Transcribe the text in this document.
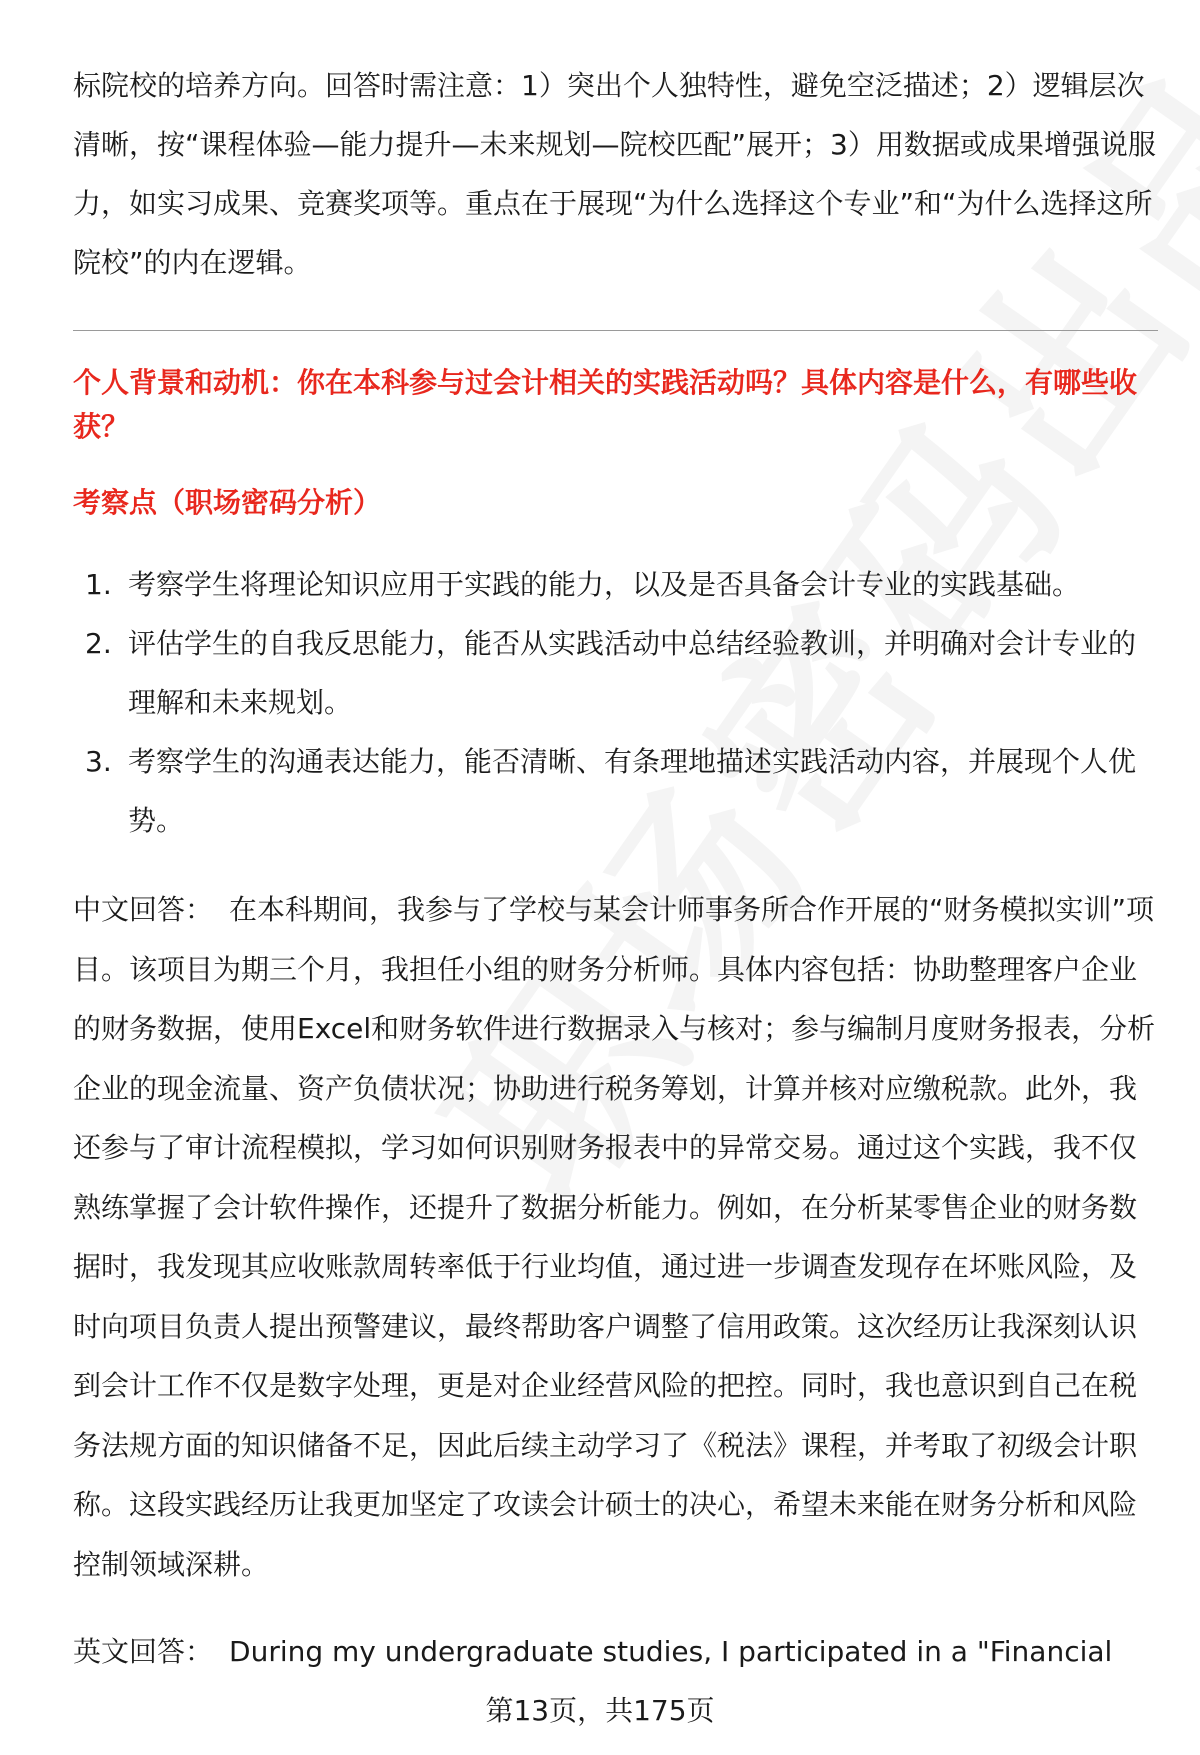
标院校的培养方向。回答时需注意：1）突出个人独特性，避免空泛描述；2）逻辑层次清晰，按“课程体验—能力提升—未来规划—院校匹配”展开；3）用数据或成果增强说服力，如实习成果、竞赛奖项等。重点在于展现“为什么选择这个专业”和“为什么选择这所院校”的内在逻辑。

个人背景和动机：你在本科参与过会计相关的实践活动吗？具体内容是什么，有哪些收获？

考察点（职场密码分析）

1. 考察学生将理论知识应用于实践的能力，以及是否具备会计专业的实践基础。
2. 评估学生的自我反思能力，能否从实践活动中总结经验教训，并明确对会计专业的理解和未来规划。
3. 考察学生的沟通表达能力，能否清晰、有条理地描述实践活动内容，并展现个人优势。

中文回答： 在本科期间，我参与了学校与某会计师事务所合作开展的“财务模拟实训”项目。该项目为期三个月，我担任小组的财务分析师。具体内容包括：协助整理客户企业的财务数据，使用Excel和财务软件进行数据录入与核对；参与编制月度财务报表，分析企业的现金流量、资产负债状况；协助进行税务筹划，计算并核对应缴税款。此外，我还参与了审计流程模拟，学习如何识别财务报表中的异常交易。通过这个实践，我不仅熟练掌握了会计软件操作，还提升了数据分析能力。例如，在分析某零售企业的财务数据时，我发现其应收账款周转率低于行业均值，通过进一步调查发现存在坏账风险，及时向项目负责人提出预警建议，最终帮助客户调整了信用政策。这次经历让我深刻认识到会计工作不仅是数字处理，更是对企业经营风险的把控。同时，我也意识到自己在税务法规方面的知识储备不足，因此后续主动学习了《税法》课程，并考取了初级会计职称。这段实践经历让我更加坚定了攻读会计硕士的决心，希望未来能在财务分析和风险控制领域深耕。

英文回答： During my undergraduate studies, I participated in a "Financial

第13页，共175页
